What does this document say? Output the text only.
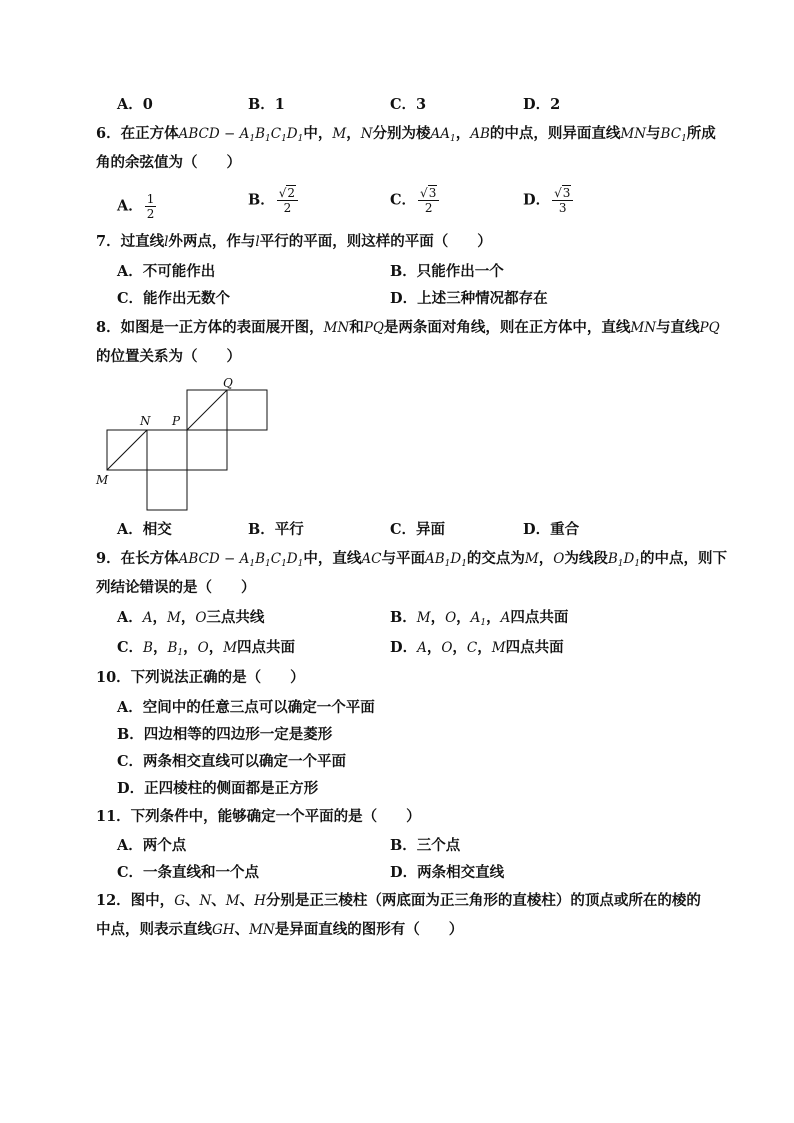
A．0	B．1	C．3	D．2
6．在正方体ABCD − $A_1B_1C_1D_1$中，M，N分别为棱$AA_1$，AB的中点，则异面直线MN与$BC_1$所成
角的余弦值为（　　）
A． $\frac{1}{2}$	B． $\frac{√2}{2}$	C． $\frac{√3}{2}$	D． $\frac{√3}{3}$
7．过直线l外两点，作与l平行的平面，则这样的平面（　　）
A．不可能作出	B．只能作出一个
C．能作出无数个	D．上述三种情况都存在
8．如图是一正方体的表面展开图，MN和PQ是两条面对角线，则在正方体中，直线MN与直线PQ
的位置关系为（　　）
Q
N P
M
A．相交	B．平行	C．异面	D．重合
9．在长方体ABCD − $A_1B_1C_1D_1$中，直线AC与平面$AB_1D_1$的交点为M，O为线段$B_1D_1$的中点，则下
列结论错误的是（　　）
A．A，M，O三点共线	B．M，O，$A_1$，A四点共面
C．B，$B_1$，O，M四点共面	D．A，O，C，M四点共面
10．下列说法正确的是（　　）
A．空间中的任意三点可以确定一个平面
B．四边相等的四边形一定是菱形
C．两条相交直线可以确定一个平面
D．正四棱柱的侧面都是正方形
11．下列条件中，能够确定一个平面的是（　　）
A．两个点	B．三个点
C．一条直线和一个点	D．两条相交直线
12．图中，G、N、M、H分别是正三棱柱（两底面为正三角形的直棱柱）的顶点或所在的棱的
中点，则表示直线GH、MN是异面直线的图形有（　　）
